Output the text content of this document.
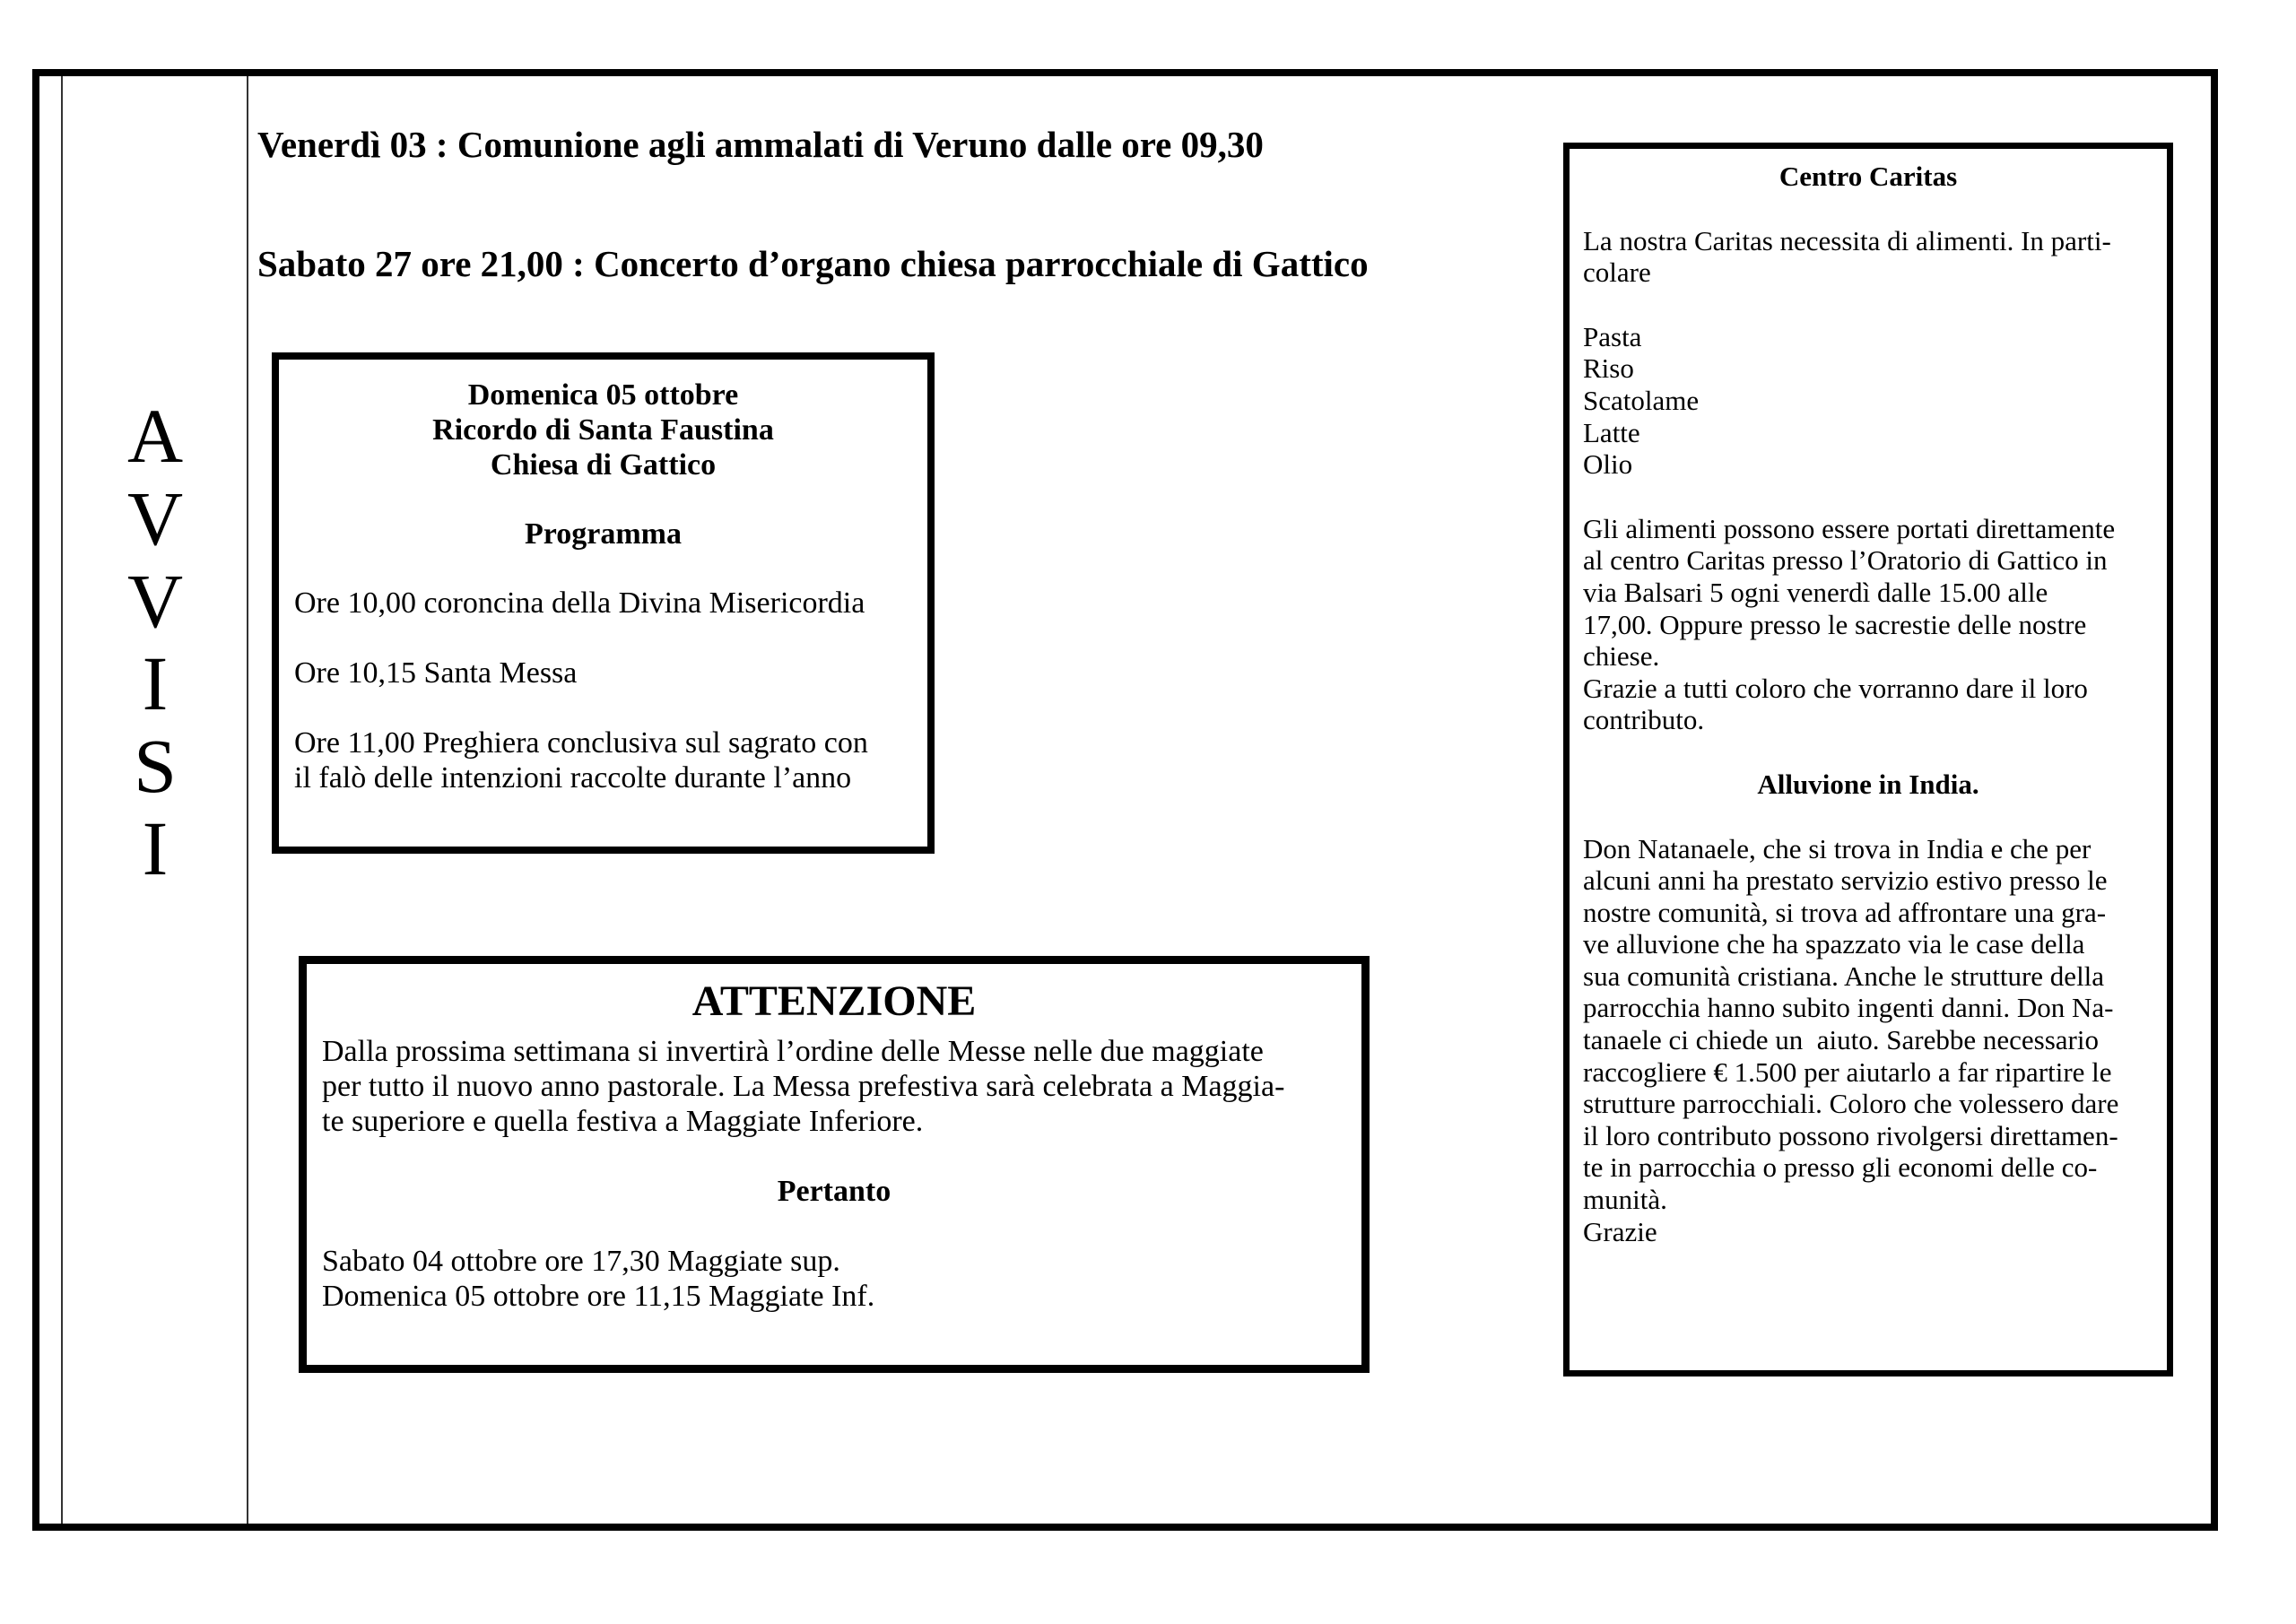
A
V
V
I
S
I
Venerdì 03 : Comunione agli ammalati di Veruno dalle ore 09,30
Sabato 27 ore 21,00 : Concerto d’organo chiesa parrocchiale di Gattico
Domenica 05 ottobre
Ricordo di Santa Faustina
Chiesa di Gattico
Programma
Ore 10,00 coroncina della Divina Misericordia
Ore 10,15 Santa Messa
Ore 11,00 Preghiera conclusiva sul sagrato con
il falò delle intenzioni raccolte durante l’anno
ATTENZIONE
Dalla prossima settimana si invertirà l’ordine delle Messe nelle due maggiate
per tutto il nuovo anno pastorale. La Messa prefestiva sarà celebrata a Maggia-
te superiore e quella festiva a Maggiate Inferiore.
Pertanto
Sabato 04 ottobre ore 17,30 Maggiate sup.
Domenica 05 ottobre ore 11,15 Maggiate Inf.
Centro Caritas
La nostra Caritas necessita di alimenti. In parti-
colare
Pasta
Riso
Scatolame
Latte
Olio
Gli alimenti possono essere portati direttamente
al centro Caritas presso l’Oratorio di Gattico in
via Balsari 5 ogni venerdì dalle 15.00 alle
17,00. Oppure presso le sacrestie delle nostre
chiese.
Grazie a tutti coloro che vorranno dare il loro
contributo.
Alluvione in India.
Don Natanaele, che si trova in India e che per
alcuni anni ha prestato servizio estivo presso le
nostre comunità, si trova ad affrontare una gra-
ve alluvione che ha spazzato via le case della
sua comunità cristiana. Anche le strutture della
parrocchia hanno subito ingenti danni. Don Na-
tanaele ci chiede un  aiuto. Sarebbe necessario
raccogliere € 1.500 per aiutarlo a far ripartire le
strutture parrocchiali. Coloro che volessero dare
il loro contributo possono rivolgersi direttamen-
te in parrocchia o presso gli economi delle co-
munità.
Grazie
